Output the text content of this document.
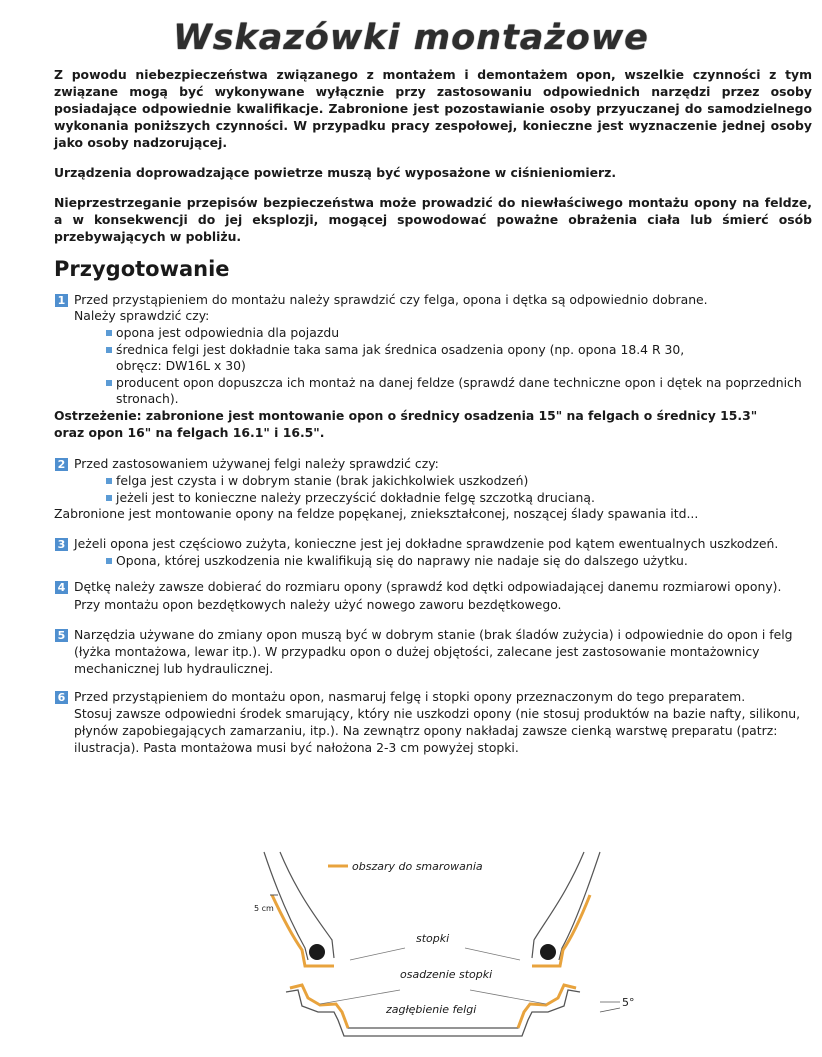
Wskazówki montażowe

Z powodu niebezpieczeństwa związanego z montażem i demontażem opon, wszelkie czynności z tym związane mogą być wykonywane wyłącznie przy zastosowaniu odpowiednich narzędzi przez osoby posiadające odpowiednie kwalifikacje. Zabronione jest pozostawianie osoby przyuczanej do samodzielnego wykonania poniższych czynności. W przypadku pracy zespołowej, konieczne jest wyznaczenie jednej osoby jako osoby nadzorującej.

Urządzenia doprowadzające powietrze muszą być wyposażone w ciśnieniomierz.

Nieprzestrzeganie przepisów bezpieczeństwa może prowadzić do niewłaściwego montażu opony na feldze, a w konsekwencji do jej eksplozji, mogącej spowodować poważne obrażenia ciała lub śmierć osób przebywających w pobliżu.

Przygotowanie
1 Przed przystąpieniem do montażu należy sprawdzić czy felga, opona i dętka są odpowiednio dobrane.

Należy sprawdzić czy:

opona jest odpowiednia dla pojazdu
średnica felgi jest dokładnie taka sama jak średnica osadzenia opony (np. opona 18.4 R 30,
obręcz: DW16L x 30)
producent opon dopuszcza ich montaż na danej feldze (sprawdź dane techniczne opon i dętek na poprzednich
stronach).
Ostrzeżenie: zabronione jest montowanie opon o średnicy osadzenia 15" na felgach o średnicy 15.3"
oraz opon 16" na felgach 16.1" i 16.5".
2 Przed zastosowaniem używanej felgi należy sprawdzić czy:

felga jest czysta i w dobrym stanie (brak jakichkolwiek uszkodzeń)
jeżeli jest to konieczne należy przeczyścić dokładnie felgę szczotką drucianą.
Zabronione jest montowanie opony na feldze popękanej, zniekształconej, noszącej ślady spawania itd...
3 Jeżeli opona jest częściowo zużyta, konieczne jest jej dokładne sprawdzenie pod kątem ewentualnych uszkodzeń.

Opona, której uszkodzenia nie kwalifikują się do naprawy nie nadaje się do dalszego użytku.
4 Dętkę należy zawsze dobierać do rozmiaru opony (sprawdź kod dętki odpowiadającej danemu rozmiarowi opony).

Przy montażu opon bezdętkowych należy użyć nowego zaworu bezdętkowego.

5 Narzędzia używane do zmiany opon muszą być w dobrym stanie (brak śladów zużycia) i odpowiednie do opon i felg

(łyżka montażowa, lewar itp.). W przypadku opon o dużej objętości, zalecane jest zastosowanie montażownicy

mechanicznej lub hydraulicznej.

6 Przed przystąpieniem do montażu opon, nasmaruj felgę i stopki opony przeznaczonym do tego preparatem.

Stosuj zawsze odpowiedni środek smarujący, który nie uszkodzi opony (nie stosuj produktów na bazie nafty, silikonu,

płynów zapobiegających zamarzaniu, itp.). Na zewnątrz opony nakładaj zawsze cienką warstwę preparatu (patrz:

ilustracja). Pasta montażowa musi być nałożona 2-3 cm powyżej stopki.

obszary do smarowania
5 cm
stopki
osadzenie stopki
zagłębienie felgi
5°
